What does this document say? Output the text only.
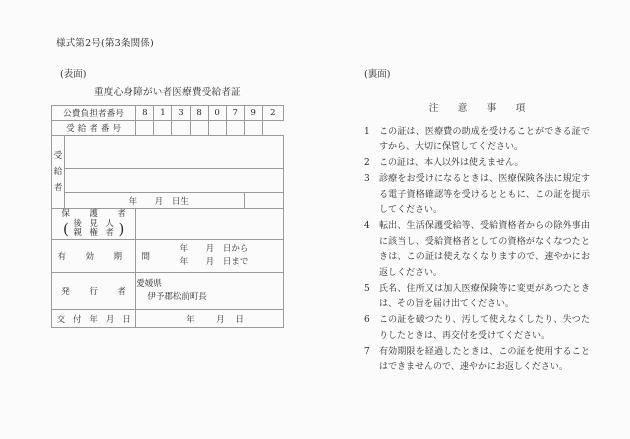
様式第2号(第3条関係)
(表面)	(裏面)
重度心身障がい者医療費受給者証
公費負担者番号		8	1	3	8	0	7	9	2
受 給 者 番 号									

受
給
者									

	年 月 日生								

保　護　者
( 後 見 人
親 権 者
)	
有　効　期　間		年 月 日から
年 月 日まで							

発　行　者		愛媛県
伊予郡松前町長							

交 付 年 月 日		年 月 日							
注　意　事　項
1	この証は、医療費の助成を受けることができる証ですから、大切に保管してください。
2	この証は、本人以外は使えません。
3	診療をお受けになるときは、医療保険各法に規定する電子資格確認等を受けるとともに、この証を提示してください。
4	転出、生活保護受給等、受給資格者からの除外事由に該当し、受給資格者としての資格がなくなつたときは、この証は使えなくなりますので、速やかにお返しください。
5	氏名、住所又は加入医療保険等に変更があつたときは、その旨を届け出てください。
6	この証を破つたり、汚して使えなくしたり、失つたりしたときは、再交付を受けてください。
7	有効期限を経過したときは、この証を使用することはできませんので、速やかにお返しください。
